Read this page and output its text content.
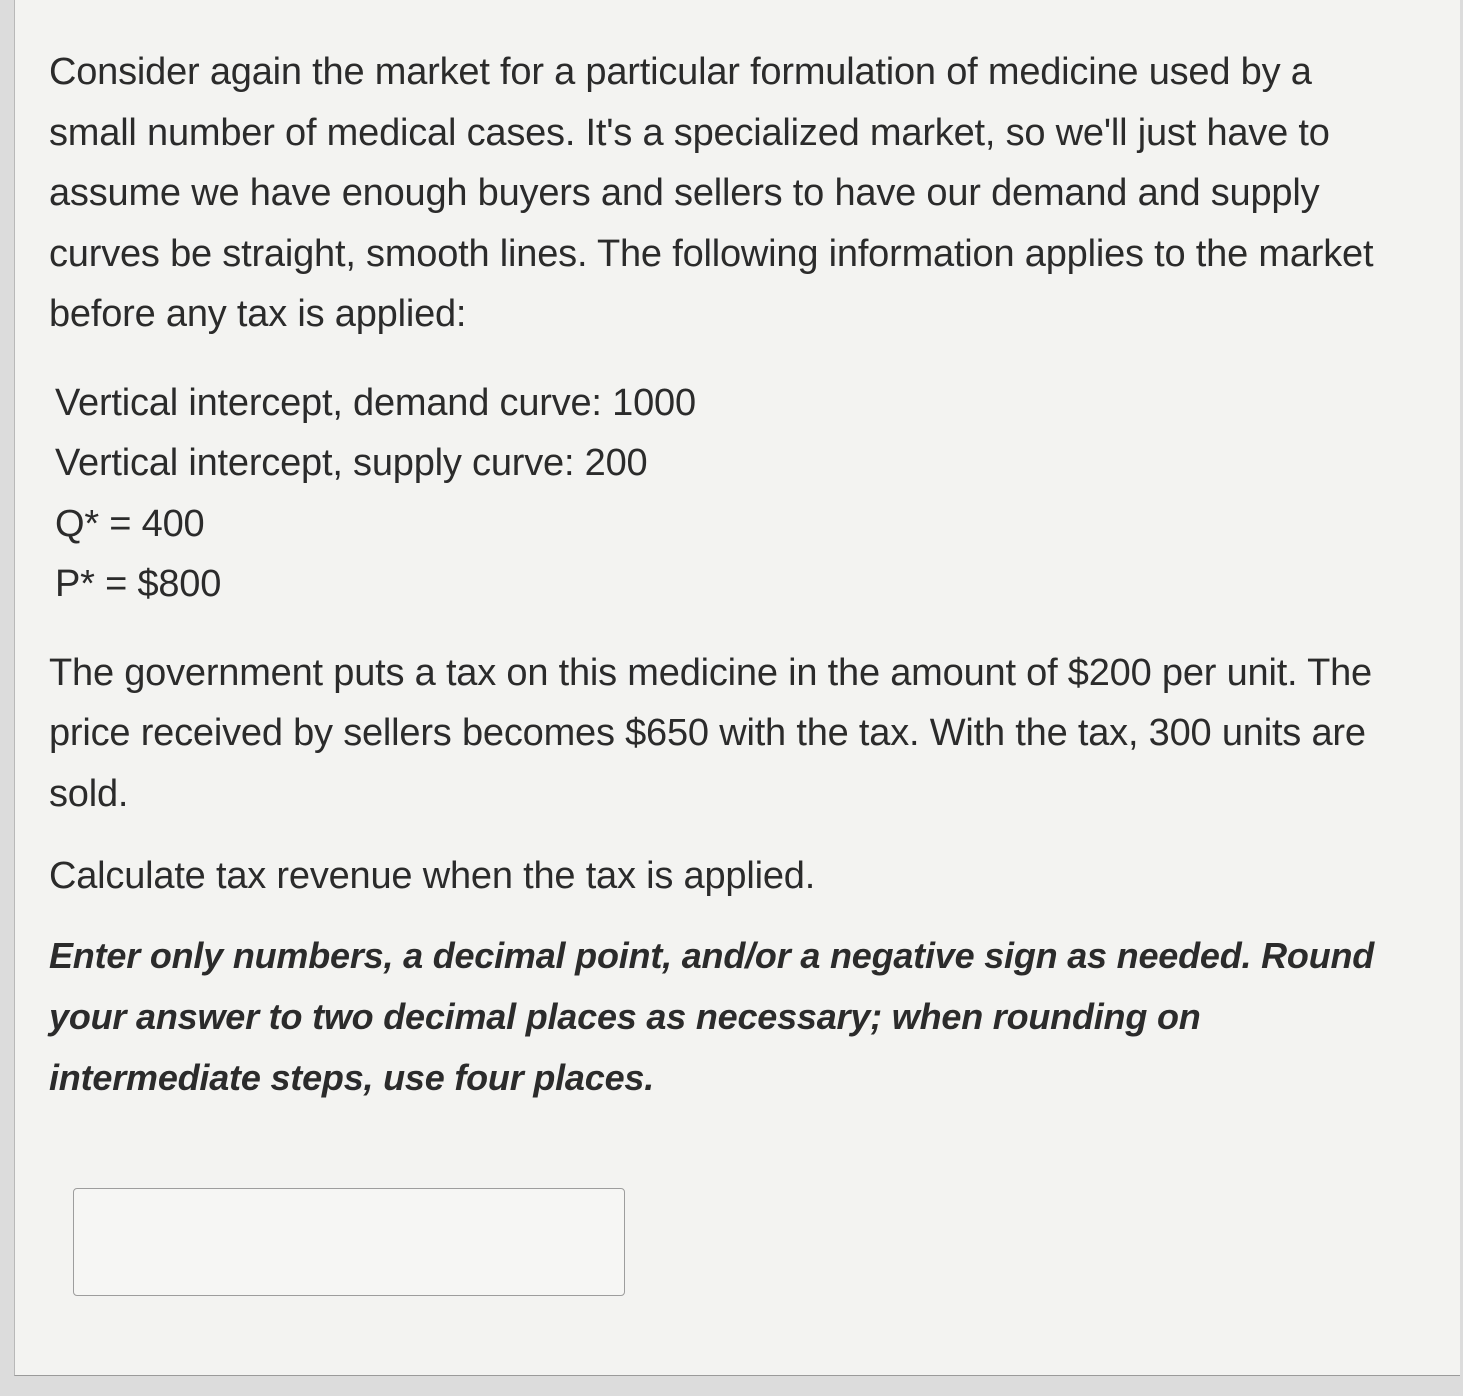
Consider again the market for a particular formulation of medicine used by a small number of medical cases. It's a specialized market, so we'll just have to assume we have enough buyers and sellers to have our demand and supply curves be straight, smooth lines. The following information applies to the market before any tax is applied:

Vertical intercept, demand curve: 1000

Vertical intercept, supply curve: 200

Q* = 400

P* = $800

The government puts a tax on this medicine in the amount of $200 per unit. The price received by sellers becomes $650 with the tax. With the tax, 300 units are sold.

Calculate tax revenue when the tax is applied.

Enter only numbers, a decimal point, and/or a negative sign as needed. Round your answer to two decimal places as necessary; when rounding on intermediate steps, use four places.
